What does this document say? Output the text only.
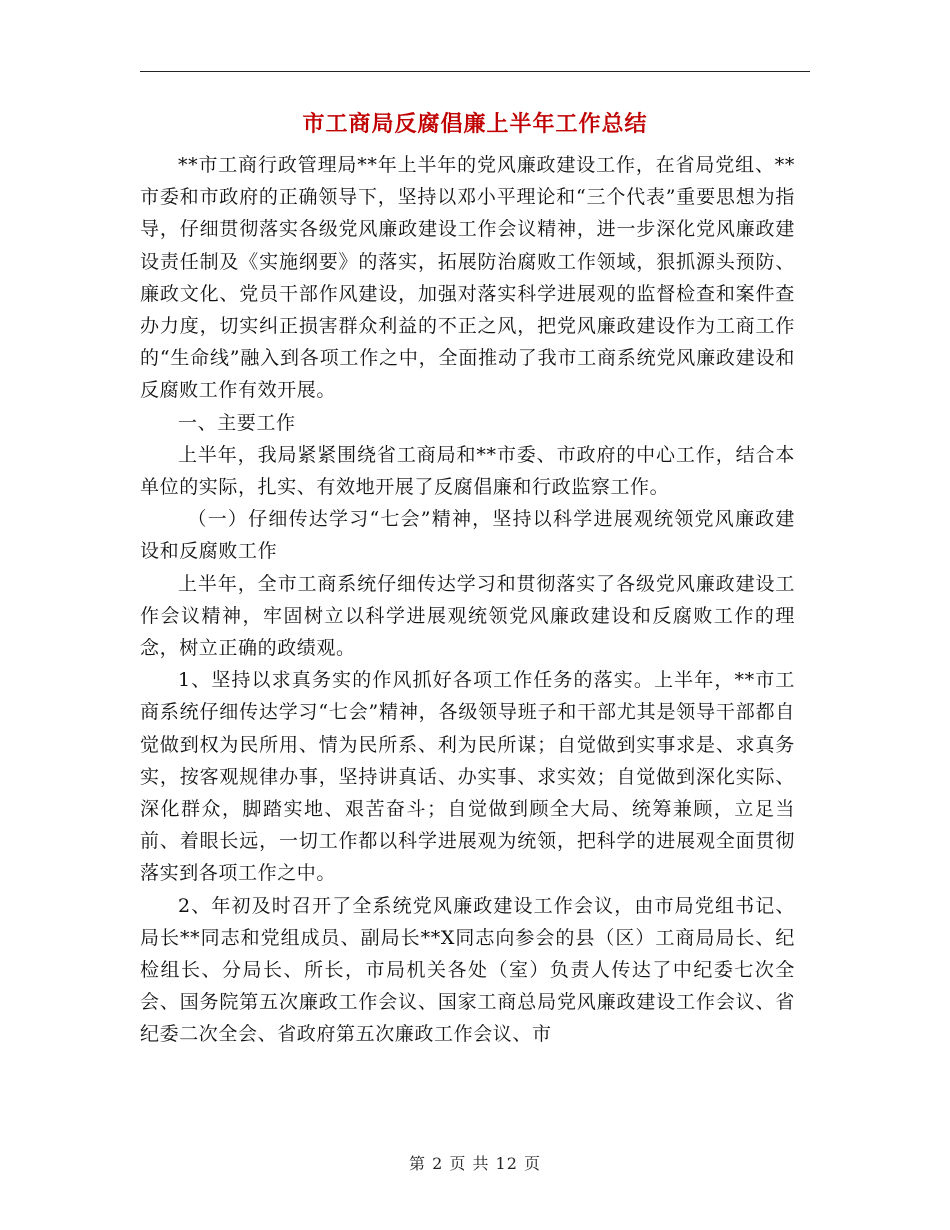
市工商局反腐倡廉上半年工作总结

**市工商行政管理局**年上半年的党风廉政建设工作，在省局党组、**市委和市政府的正确领导下，坚持以邓小平理论和“三个代表”重要思想为指导，仔细贯彻落实各级党风廉政建设工作会议精神，进一步深化党风廉政建设责任制及《实施纲要》的落实，拓展防治腐败工作领域，狠抓源头预防、廉政文化、党员干部作风建设，加强对落实科学进展观的监督检查和案件查办力度，切实纠正损害群众利益的不正之风，把党风廉政建设作为工商工作的“生命线”融入到各项工作之中，全面推动了我市工商系统党风廉政建设和反腐败工作有效开展。

一、主要工作

上半年，我局紧紧围绕省工商局和**市委、市政府的中心工作，结合本单位的实际，扎实、有效地开展了反腐倡廉和行政监察工作。

（一）仔细传达学习“七会”精神，坚持以科学进展观统领党风廉政建设和反腐败工作

上半年，全市工商系统仔细传达学习和贯彻落实了各级党风廉政建设工作会议精神，牢固树立以科学进展观统领党风廉政建设和反腐败工作的理念，树立正确的政绩观。

1、坚持以求真务实的作风抓好各项工作任务的落实。上半年，**市工商系统仔细传达学习“七会”精神，各级领导班子和干部尤其是领导干部都自觉做到权为民所用、情为民所系、利为民所谋；自觉做到实事求是、求真务实，按客观规律办事，坚持讲真话、办实事、求实效；自觉做到深化实际、深化群众，脚踏实地、艰苦奋斗；自觉做到顾全大局、统筹兼顾，立足当前、着眼长远，一切工作都以科学进展观为统领，把科学的进展观全面贯彻落实到各项工作之中。

2、年初及时召开了全系统党风廉政建设工作会议，由市局党组书记、局长**同志和党组成员、副局长**X同志向参会的县（区）工商局局长、纪检组长、分局长、所长，市局机关各处（室）负责人传达了中纪委七次全会、国务院第五次廉政工作会议、国家工商总局党风廉政建设工作会议、省纪委二次全会、省政府第五次廉政工作会议、市

第 2 页 共 12 页
